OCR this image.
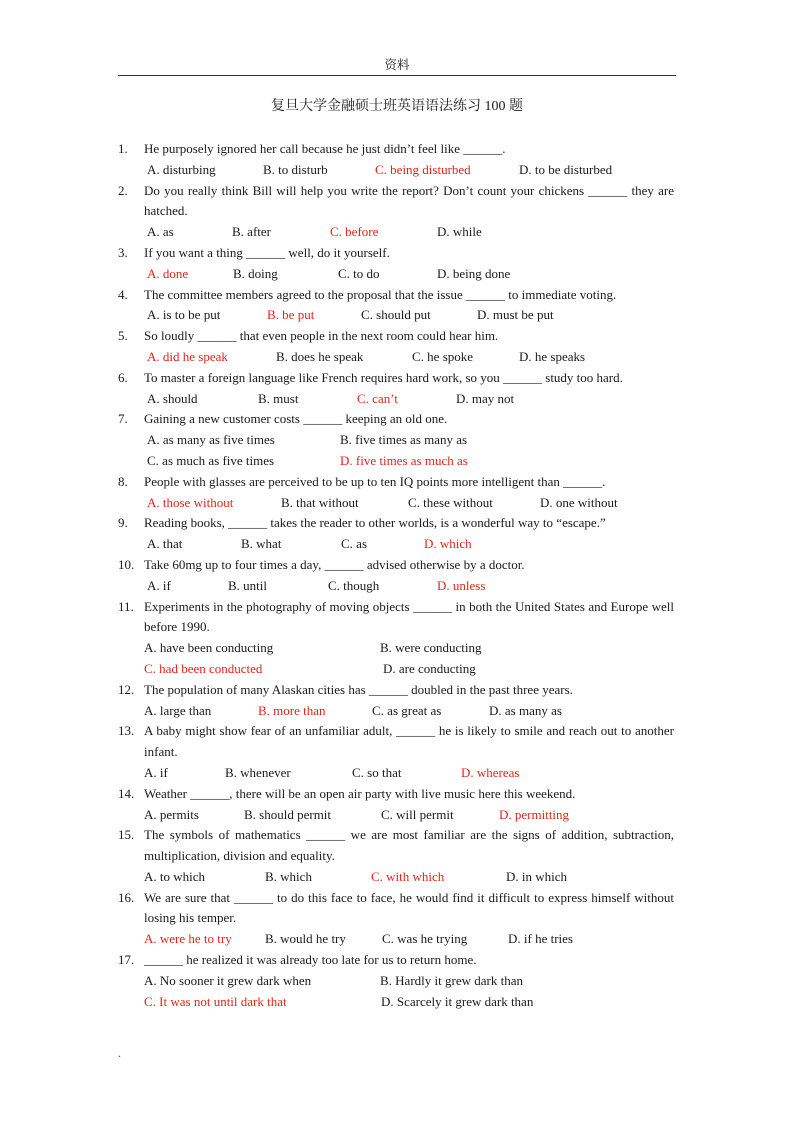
资料
复旦大学金融硕士班英语语法练习 100 题
1. He purposely ignored her call because he just didn’t feel like ______.
A. disturbing	B. to disturb	C. being disturbed	D. to be disturbed
2. Do you really think Bill will help you write the report? Don’t count your chickens ______ they are hatched.
A. as	B. after	C. before	D. while
3. If you want a thing ______ well, do it yourself.
A. done	B. doing	C. to do	D. being done
4. The committee members agreed to the proposal that the issue ______ to immediate voting.
A. is to be put	B. be put	C. should put	D. must be put
5. So loudly ______ that even people in the next room could hear him.
A. did he speak	B. does he speak	C. he spoke	D. he speaks
6. To master a foreign language like French requires hard work, so you ______ study too hard.
A. should	B. must	C. can’t	D. may not
7. Gaining a new customer costs ______ keeping an old one.
A. as many as five times	B. five times as many as
C. as much as five times	D. five times as much as
8. People with glasses are perceived to be up to ten IQ points more intelligent than ______.
A. those without	B. that without	C. these without	D. one without
9. Reading books, ______ takes the reader to other worlds, is a wonderful way to “escape.”
A. that	B. what	C. as	D. which
10. Take 60mg up to four times a day, ______ advised otherwise by a doctor.
A. if	B. until	C. though	D. unless
11. Experiments in the photography of moving objects ______ in both the United States and Europe well before 1990.
A. have been conducting	B. were conducting
C. had been conducted	D. are conducting
12. The population of many Alaskan cities has ______ doubled in the past three years.
A. large than	B. more than	C. as great as	D. as many as
13. A baby might show fear of an unfamiliar adult, ______ he is likely to smile and reach out to another infant.
A. if	B. whenever	C. so that	D. whereas
14. Weather ______, there will be an open air party with live music here this weekend.
A. permits	B. should permit	C. will permit	D. permitting
15. The symbols of mathematics ______ we are most familiar are the signs of addition, subtraction, multiplication, division and equality.
A. to which	B. which	C. with which	D. in which
16. We are sure that ______ to do this face to face, he would find it difficult to express himself without losing his temper.
A. were he to try	B. would he try	C. was he trying	D. if he tries
17. ______ he realized it was already too late for us to return home.
A. No sooner it grew dark when	B. Hardly it grew dark than
C. It was not until dark that	D. Scarcely it grew dark than
.
